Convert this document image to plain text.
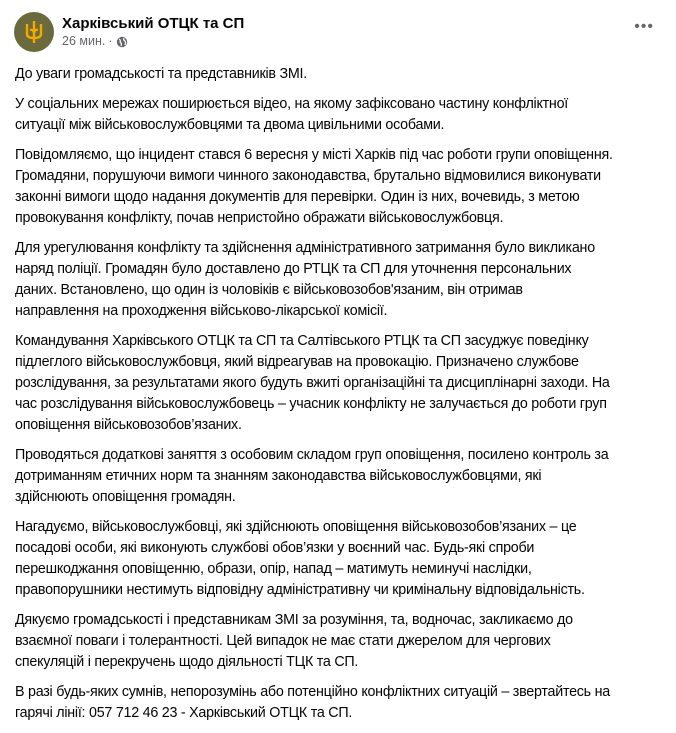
Харківський ОТЦК та СП
26 мин. ·
•••
До уваги громадськості та представників ЗМІ.
У соціальних мережах поширюється відео, на якому зафіксовано частину конфліктної
ситуації між військовослужбовцями та двома цивільними особами.
Повідомляємо, що інцидент стався 6 вересня у місті Харків під час роботи групи оповіщення.
Громадяни, порушуючи вимоги чинного законодавства, брутально відмовилися виконувати
законні вимоги щодо надання документів для перевірки. Один із них, вочевидь, з метою
провокування конфлікту, почав непристойно ображати військовослужбовця.
Для урегулювання конфлікту та здійснення адміністративного затримання було викликано
наряд поліції. Громадян було доставлено до РТЦК та СП для уточнення персональних
даних. Встановлено, що один із чоловіків є військовозобов'язаним, він отримав
направлення на проходження військово-лікарської комісії.
Командування Харківського ОТЦК та СП та Салтівського РТЦК та СП засуджує поведінку
підлеглого військовослужбовця, який відреагував на провокацію. Призначено службове
розслідування, за результатами якого будуть вжиті організаційні та дисциплінарні заходи. На
час розслідування військовослужбовець – учасник конфлікту не залучається до роботи груп
оповіщення військовозобов’язаних.
Проводяться додаткові заняття з особовим складом груп оповіщення, посилено контроль за
дотриманням етичних норм та знанням законодавства військовослужбовцями, які
здійснюють оповіщення громадян.
Нагадуємо, військовослужбовці, які здійснюють оповіщення військовозобов’язаних – це
посадові особи, які виконують службові обов’язки у воєнний час. Будь-які спроби
перешкоджання оповіщенню, образи, опір, напад – матимуть неминучі наслідки,
правопорушники нестимуть відповідну адміністративну чи кримінальну відповідальність.
Дякуємо громадськості і представникам ЗМІ за розуміння, та, водночас, закликаємо до
взаємної поваги і толерантності. Цей випадок не має стати джерелом для чергових
спекуляцій і перекручень щодо діяльності ТЦК та СП.
В разі будь-яких сумнів, непорозумінь або потенційно конфліктних ситуацій – звертайтесь на
гарячі лінії: 057 712 46 23 - Харківський ОТЦК та СП.
